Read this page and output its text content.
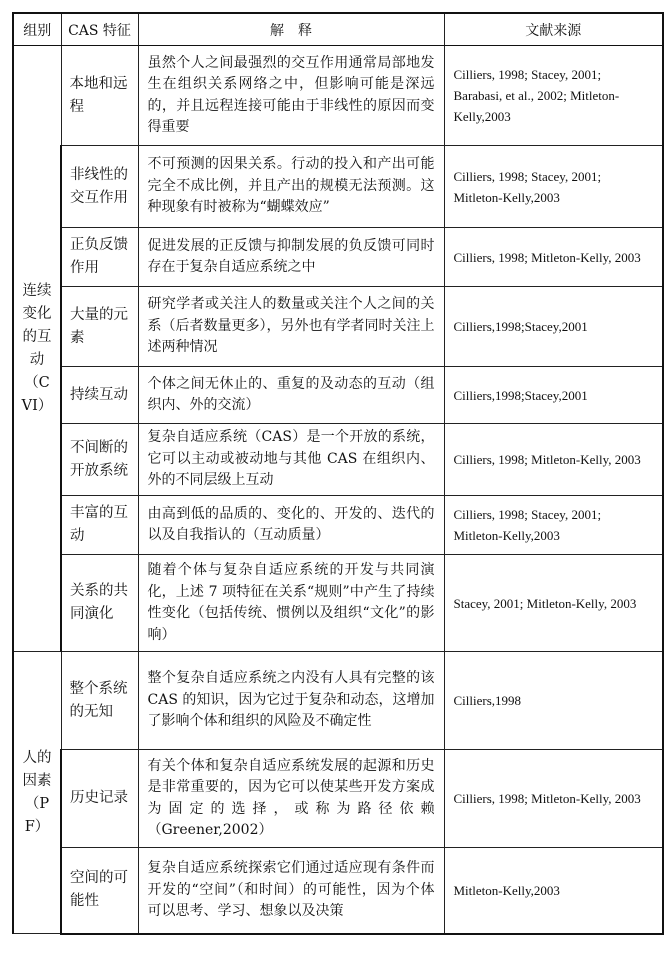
组别	CAS 特征	解　释	文献来源
连续变化的互动（CVI）	本地和远程	虽然个人之间最强烈的交互作用通常局部地发生在组织关系网络之中，但影响可能是深远的，并且远程连接可能由于非线性的原因而变得重要	Cilliers, 1998; Stacey, 2001; Barabasi, et al., 2002; Mitleton-Kelly,2003
	非线性的交互作用	不可预测的因果关系。行动的投入和产出可能完全不成比例，并且产出的规模无法预测。这种现象有时被称为“蝴蝶效应”	Cilliers, 1998; Stacey, 2001; Mitleton-Kelly,2003
	正负反馈作用	促进发展的正反馈与抑制发展的负反馈可同时存在于复杂自适应系统之中	Cilliers, 1998; Mitleton-Kelly, 2003
	大量的元素	研究学者或关注人的数量或关注个人之间的关系（后者数量更多），另外也有学者同时关注上述两种情况	Cilliers,1998;Stacey,2001
	持续互动	个体之间无休止的、重复的及动态的互动（组织内、外的交流）	Cilliers,1998;Stacey,2001
	不间断的开放系统	复杂自适应系统（CAS）是一个开放的系统，它可以主动或被动地与其他 CAS 在组织内、外的不同层级上互动	Cilliers, 1998; Mitleton-Kelly, 2003
	丰富的互动	由高到低的品质的、变化的、开发的、迭代的以及自我指认的（互动质量）	Cilliers, 1998; Stacey, 2001; Mitleton-Kelly,2003
	关系的共同演化	随着个体与复杂自适应系统的开发与共同演化，上述 7 项特征在关系“规则”中产生了持续性变化（包括传统、惯例以及组织“文化”的影响）	Stacey, 2001; Mitleton-Kelly, 2003
人的因素（PF）	整个系统的无知	整个复杂自适应系统之内没有人具有完整的该 CAS 的知识，因为它过于复杂和动态，这增加了影响个体和组织的风险及不确定性	Cilliers,1998
	历史记录	有关个体和复杂自适应系统发展的起源和历史是非常重要的，因为它可以使某些开发方案成为固定的选择，或称为路径依赖（Greener,2002）	Cilliers, 1998; Mitleton-Kelly, 2003
	空间的可能性	复杂自适应系统探索它们通过适应现有条件而开发的“空间”（和时间）的可能性，因为个体可以思考、学习、想象以及决策	Mitleton-Kelly,2003
